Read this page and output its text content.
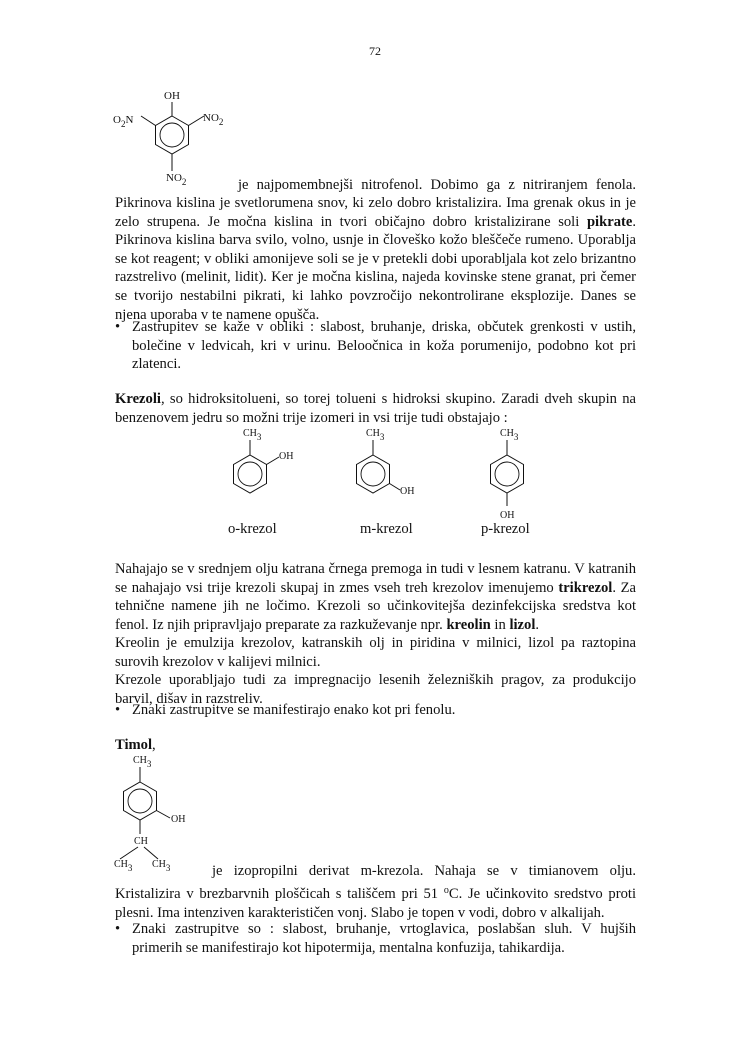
72
OH
$O_2N$	$NO_2$
$NO_2$	je najpomembnejši nitrofenol. Dobimo ga z nitriranjem fenola.

Pikrinova kislina je svetlorumena snov, ki zelo dobro kristalizira. Ima grenak okus in je zelo strupena. Je močna kislina in tvori običajno dobro kristalizirane soli pikrate. Pikrinova kislina barva svilo, volno, usnje in človeško kožo bleščeče rumeno. Uporablja se kot reagent; v obliki amonijeve soli se je v pretekli dobi uporabljala kot zelo brizantno razstrelivo (melinit, lidit). Ker je močna kislina, najeda kovinske stene granat, pri čemer se tvorijo nestabilni pikrati, ki lahko povzročijo nekontrolirane eksplozije. Danes se njena uporaba v te namene opušča.

• Zastrupitev se kaže v obliki : slabost, bruhanje, driska, občutek grenkosti v ustih, bolečine v ledvicah, kri v urinu. Beloočnica in koža porumenijo, podobno kot pri zlatenci.

Krezoli, so hidroksitolueni, so torej tolueni s hidroksi skupino. Zaradi dveh skupin na benzenovem jedru so možni trije izomeri in vsi trije tudi obstajajo :

CH3
OH
CH3
OH
CH3
OH
o-krezol	m-krezol	p-krezol

Nahajajo se v srednjem olju katrana črnega premoga in tudi v lesnem katranu. V katranih se nahajajo vsi trije krezoli skupaj in zmes vseh treh krezolov imenujemo trikrezol. Za tehnične namene jih ne ločimo. Krezoli so učinkovitejša dezinfekcijska sredstva kot fenol. Iz njih pripravljajo preparate za razkuževanje npr. kreolin in lizol.

Kreolin je emulzija krezolov, katranskih olj in piridina v milnici, lizol pa raztopina surovih krezolov v kalijevi milnici.

Krezole uporabljajo tudi za impregnacijo lesenih železniških pragov, za produkcijo barvil, dišav in razstreliv.

• Znaki zastrupitve se manifestirajo enako kot pri fenolu.
Timol,
CH3
OH
CH
CH3 CH3	je izopropilni derivat m-krezola. Nahaja se v timianovem olju.

Kristalizira v brezbarvnih ploščicah s tališčem pri 51 $^o$C. Je učinkovito sredstvo proti plesni. Ima intenziven karakterističen vonj. Slabo je topen v vodi, dobro v alkalijah.

• Znaki zastrupitve so : slabost, bruhanje, vrtoglavica, poslabšan sluh. V hujših primerih se manifestirajo kot hipotermija, mentalna konfuzija, tahikardija.
